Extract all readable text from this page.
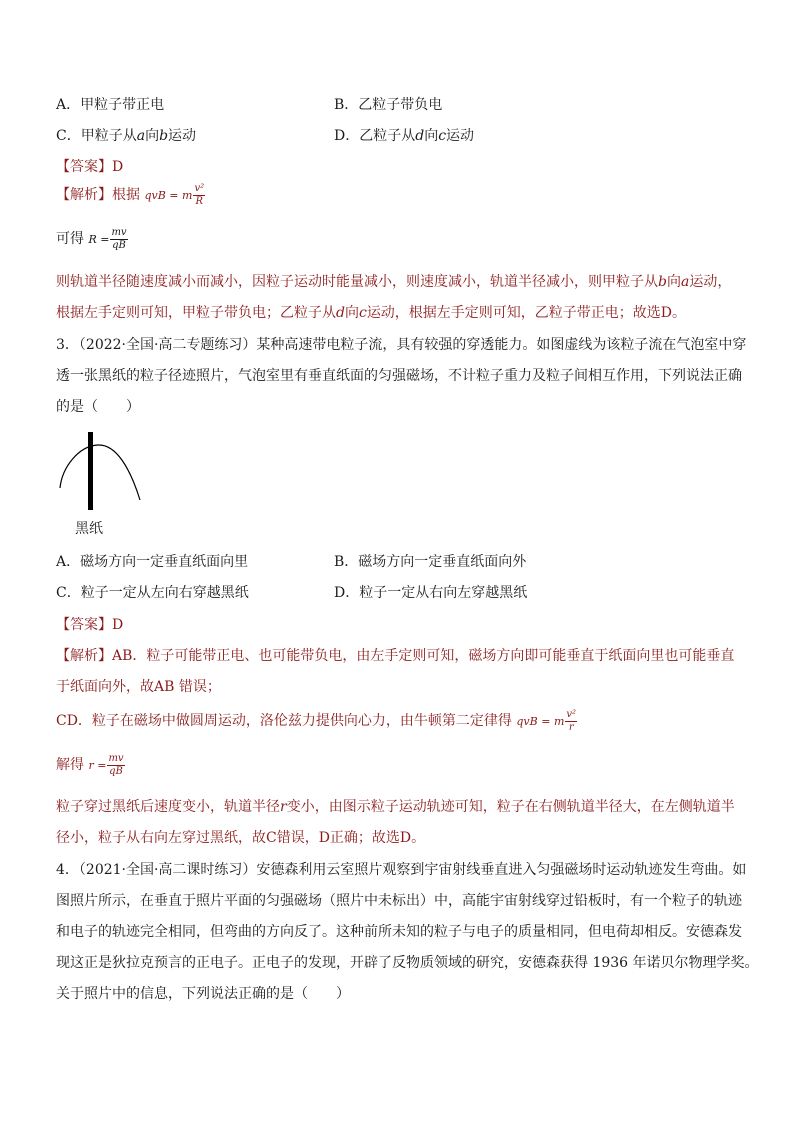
A．甲粒子带正电	B．乙粒子带负电
C．甲粒子从a向b运动	D．乙粒子从d向c运动
【答案】D
【解析】根据 qvB = m $\frac{\text{v²}}{R}$
可得 $R = \frac{mv}{qB}$
则轨道半径随速度减小而减小，因粒子运动时能量减小，则速度减小，轨道半径减小，则甲粒子从b向a运动，
根据左手定则可知，甲粒子带负电；乙粒子从d向c运动，根据左手定则可知，乙粒子带正电；故选D。
3．（2022·全国·高二专题练习）某种高速带电粒子流，具有较强的穿透能力。如图虚线为该粒子流在气泡室中穿
透一张黑纸的粒子径迹照片，气泡室里有垂直纸面的匀强磁场，不计粒子重力及粒子间相互作用，下列说法正确
的是（　　）
黑纸
A．磁场方向一定垂直纸面向里	B．磁场方向一定垂直纸面向外
C．粒子一定从左向右穿越黑纸	D．粒子一定从右向左穿越黑纸
【答案】D
【解析】AB．粒子可能带正电、也可能带负电，由左手定则可知，磁场方向即可能垂直于纸面向里也可能垂直
于纸面向外，故AB 错误；
CD．粒子在磁场中做圆周运动，洛伦兹力提供向心力，由牛顿第二定律得 qvB = m $\frac{\text{v²}}{r}$
解得 $r = \frac{mv}{qB}$
粒子穿过黑纸后速度变小，轨道半径r变小，由图示粒子运动轨迹可知，粒子在右侧轨道半径大，在左侧轨道半
径小，粒子从右向左穿过黑纸，故C错误，D正确；故选D。
4．（2021·全国·高二课时练习）安德森利用云室照片观察到宇宙射线垂直进入匀强磁场时运动轨迹发生弯曲。如
图照片所示，在垂直于照片平面的匀强磁场（照片中未标出）中，高能宇宙射线穿过铅板时，有一个粒子的轨迹
和电子的轨迹完全相同，但弯曲的方向反了。这种前所未知的粒子与电子的质量相同，但电荷却相反。安德森发
现这正是狄拉克预言的正电子。正电子的发现，开辟了反物质领域的研究，安德森获得 1936 年诺贝尔物理学奖。
关于照片中的信息，下列说法正确的是（　　）
